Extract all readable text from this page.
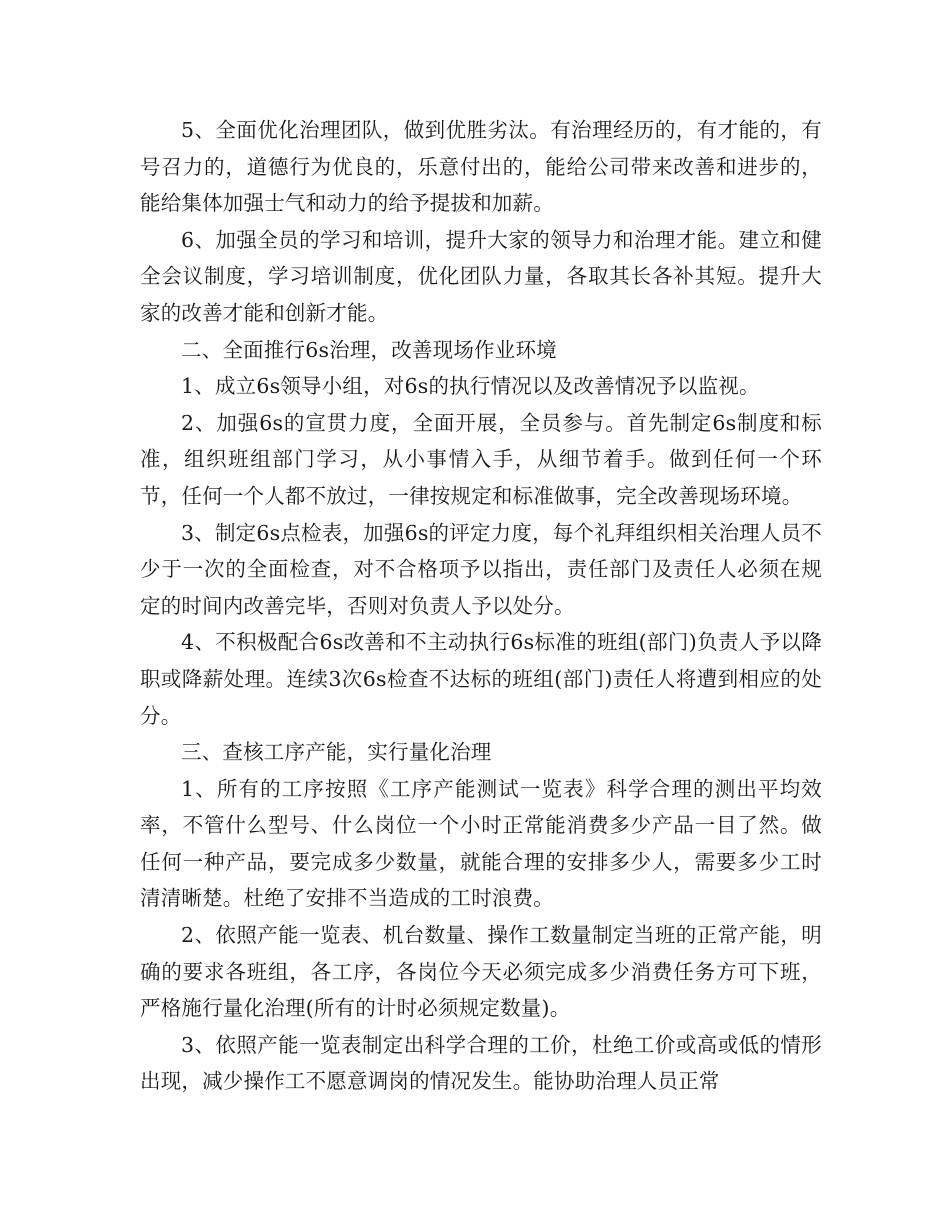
5、全面优化治理团队，做到优胜劣汰。有治理经历的，有才能的，有号召力的，道德行为优良的，乐意付出的，能给公司带来改善和进步的，能给集体加强士气和动力的给予提拔和加薪。

6、加强全员的学习和培训，提升大家的领导力和治理才能。建立和健全会议制度，学习培训制度，优化团队力量，各取其长各补其短。提升大家的改善才能和创新才能。

二、全面推行6s治理，改善现场作业环境

1、成立6s领导小组，对6s的执行情况以及改善情况予以监视。

2、加强6s的宣贯力度，全面开展，全员参与。首先制定6s制度和标准，组织班组部门学习，从小事情入手，从细节着手。做到任何一个环节，任何一个人都不放过，一律按规定和标准做事，完全改善现场环境。

3、制定6s点检表，加强6s的评定力度，每个礼拜组织相关治理人员不少于一次的全面检查，对不合格项予以指出，责任部门及责任人必须在规定的时间内改善完毕，否则对负责人予以处分。

4、不积极配合6s改善和不主动执行6s标准的班组(部门)负责人予以降职或降薪处理。连续3次6s检查不达标的班组(部门)责任人将遭到相应的处分。

三、查核工序产能，实行量化治理

1、所有的工序按照《工序产能测试一览表》科学合理的测出平均效率，不管什么型号、什么岗位一个小时正常能消费多少产品一目了然。做任何一种产品，要完成多少数量，就能合理的安排多少人，需要多少工时清清晰楚。杜绝了安排不当造成的工时浪费。

2、依照产能一览表、机台数量、操作工数量制定当班的正常产能，明确的要求各班组，各工序，各岗位今天必须完成多少消费任务方可下班，严格施行量化治理(所有的计时必须规定数量)。

3、依照产能一览表制定出科学合理的工价，杜绝工价或高或低的情形出现，减少操作工不愿意调岗的情况发生。能协助治理人员正常
